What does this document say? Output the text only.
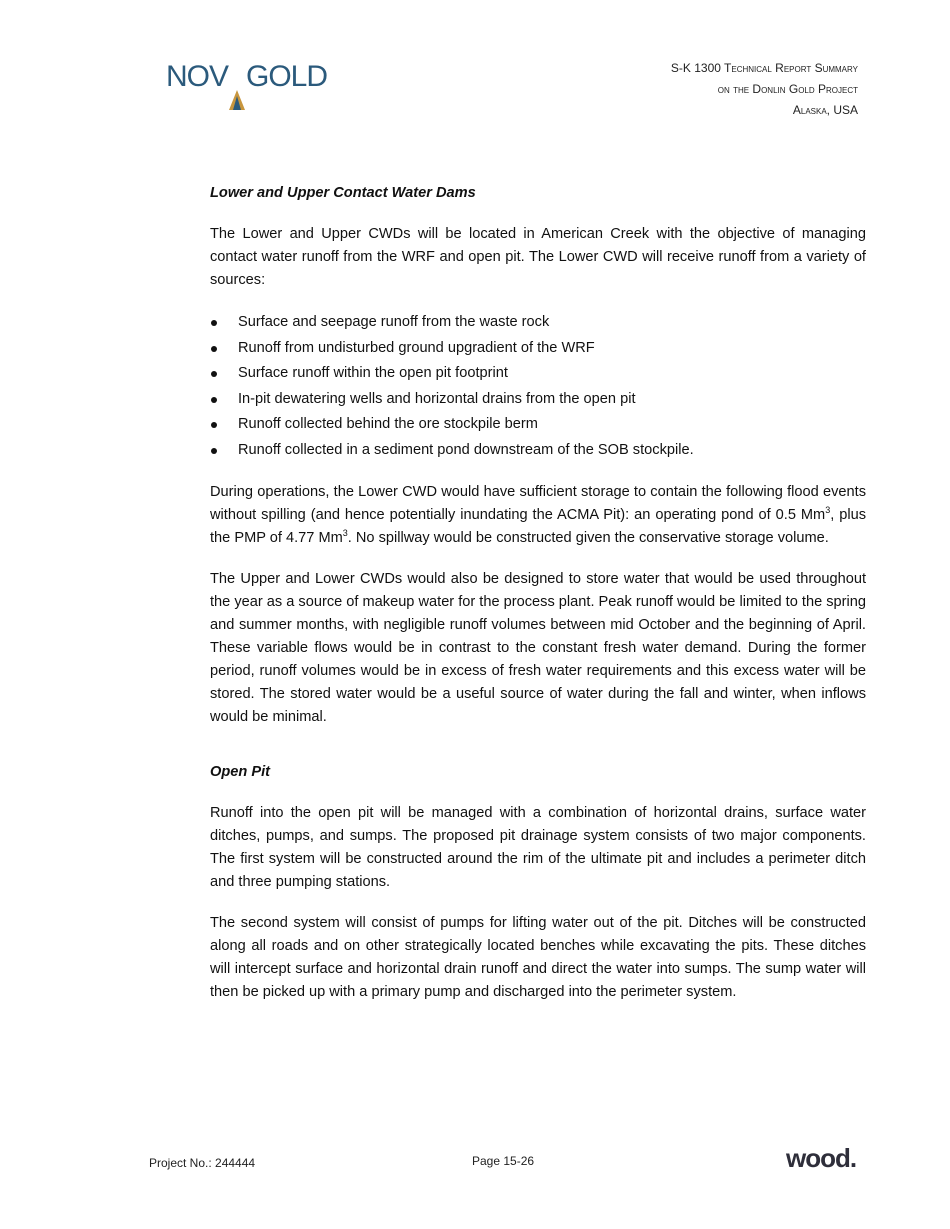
NOV GOLD	S-K 1300 Technical Report Summary
on the Donlin Gold Project
Alaska, USA
Lower and Upper Contact Water Dams

The Lower and Upper CWDs will be located in American Creek with the objective of managing contact water runoff from the WRF and open pit. The Lower CWD will receive runoff from a variety of sources:

Surface and seepage runoff from the waste rock
Runoff from undisturbed ground upgradient of the WRF
Surface runoff within the open pit footprint
In-pit dewatering wells and horizontal drains from the open pit
Runoff collected behind the ore stockpile berm
Runoff collected in a sediment pond downstream of the SOB stockpile.

During operations, the Lower CWD would have sufficient storage to contain the following flood events without spilling (and hence potentially inundating the ACMA Pit): an operating pond of 0.5 Mm$^3$, plus the PMP of 4.77 Mm$^3$. No spillway would be constructed given the conservative storage volume.

The Upper and Lower CWDs would also be designed to store water that would be used throughout the year as a source of makeup water for the process plant. Peak runoff would be limited to the spring and summer months, with negligible runoff volumes between mid October and the beginning of April. These variable flows would be in contrast to the constant fresh water demand. During the former period, runoff volumes would be in excess of fresh water requirements and this excess water will be stored. The stored water would be a useful source of water during the fall and winter, when inflows would be minimal.

Open Pit

Runoff into the open pit will be managed with a combination of horizontal drains, surface water ditches, pumps, and sumps. The proposed pit drainage system consists of two major components. The first system will be constructed around the rim of the ultimate pit and includes a perimeter ditch and three pumping stations.

The second system will consist of pumps for lifting water out of the pit. Ditches will be constructed along all roads and on other strategically located benches while excavating the pits. These ditches will intercept surface and horizontal drain runoff and direct the water into sumps. The sump water will then be picked up with a primary pump and discharged into the perimeter system.

Project No.: 244444	Page 15-26	wood.
